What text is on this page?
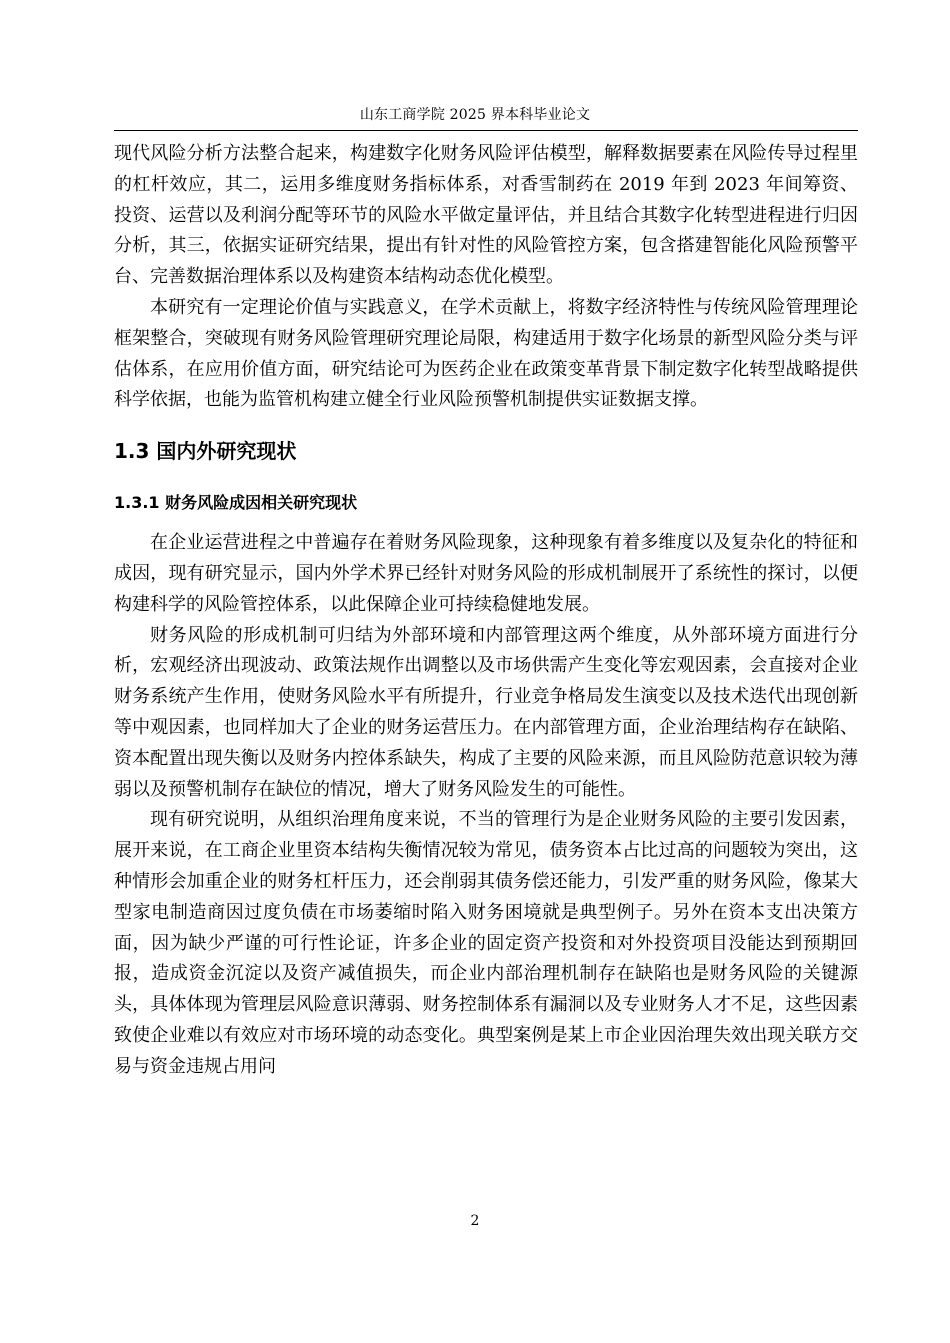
山东工商学院 2025 界本科毕业论文

现代风险分析方法整合起来，构建数字化财务风险评估模型，解释数据要素在风险传导过程里的杠杆效应，其二，运用多维度财务指标体系，对香雪制药在 2019 年到 2023 年间筹资、投资、运营以及利润分配等环节的风险水平做定量评估，并且结合其数字化转型进程进行归因分析，其三，依据实证研究结果，提出有针对性的风险管控方案，包含搭建智能化风险预警平台、完善数据治理体系以及构建资本结构动态优化模型。

本研究有一定理论价值与实践意义，在学术贡献上，将数字经济特性与传统风险管理理论框架整合，突破现有财务风险管理研究理论局限，构建适用于数字化场景的新型风险分类与评估体系，在应用价值方面，研究结论可为医药企业在政策变革背景下制定数字化转型战略提供科学依据，也能为监管机构建立健全行业风险预警机制提供实证数据支撑。

1.3 国内外研究现状
1.3.1 财务风险成因相关研究现状

在企业运营进程之中普遍存在着财务风险现象，这种现象有着多维度以及复杂化的特征和成因，现有研究显示，国内外学术界已经针对财务风险的形成机制展开了系统性的探讨，以便构建科学的风险管控体系，以此保障企业可持续稳健地发展。

财务风险的形成机制可归结为外部环境和内部管理这两个维度，从外部环境方面进行分析，宏观经济出现波动、政策法规作出调整以及市场供需产生变化等宏观因素，会直接对企业财务系统产生作用，使财务风险水平有所提升，行业竞争格局发生演变以及技术迭代出现创新等中观因素，也同样加大了企业的财务运营压力。在内部管理方面，企业治理结构存在缺陷、资本配置出现失衡以及财务内控体系缺失，构成了主要的风险来源，而且风险防范意识较为薄弱以及预警机制存在缺位的情况，增大了财务风险发生的可能性。

现有研究说明，从组织治理角度来说，不当的管理行为是企业财务风险的主要引发因素，展开来说，在工商企业里资本结构失衡情况较为常见，债务资本占比过高的问题较为突出，这种情形会加重企业的财务杠杆压力，还会削弱其债务偿还能力，引发严重的财务风险，像某大型家电制造商因过度负债在市场萎缩时陷入财务困境就是典型例子。另外在资本支出决策方面，因为缺少严谨的可行性论证，许多企业的固定资产投资和对外投资项目没能达到预期回报，造成资金沉淀以及资产减值损失，而企业内部治理机制存在缺陷也是财务风险的关键源头，具体体现为管理层风险意识薄弱、财务控制体系有漏洞以及专业财务人才不足，这些因素致使企业难以有效应对市场环境的动态变化。典型案例是某上市企业因治理失效出现关联方交易与资金违规占用问

2
